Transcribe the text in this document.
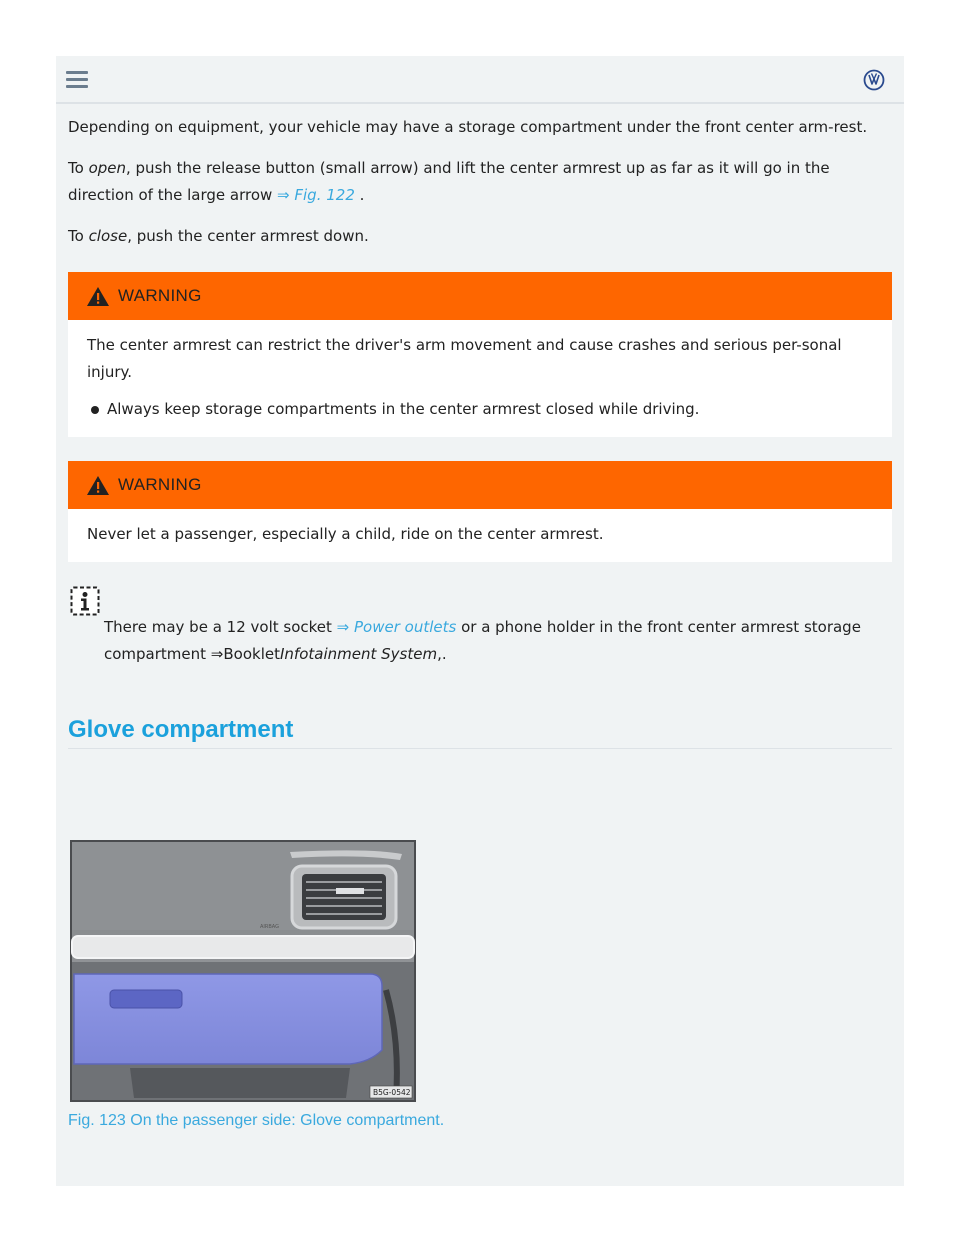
Depending on equipment, your vehicle may have a storage compartment under the front center arm-rest.

To open, push the release button (small arrow) and lift the center armrest up as far as it will go in the direction of the large arrow ⇒ Fig. 122 .

To close, push the center armrest down.

WARNING

The center armrest can restrict the driver's arm movement and cause crashes and serious per-sonal injury.

Always keep storage compartments in the center armrest closed while driving.
WARNING

Never let a passenger, especially a child, ride on the center armrest.

There may be a 12 volt socket ⇒ Power outlets or a phone holder in the front center armrest storage compartment ⇒BookletInfotainment System,.
Glove compartment
AIRBAG
B5G-0542
Fig. 123 On the passenger side: Glove compartment.
